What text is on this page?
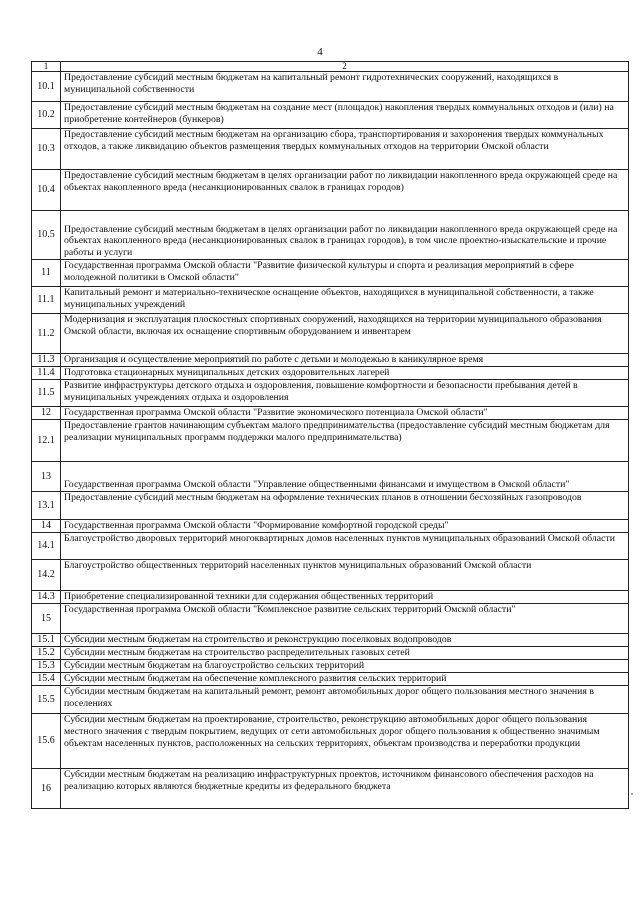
4
1	2
10.1	Предоставление субсидий местным бюджетам на капитальный ремонт гидротехнических сооружений, находящихся в муниципальной собственности
10.2	Предоставление субсидий местным бюджетам на создание мест (площадок) накопления твердых коммунальных отходов и (или) на приобретение контейнеров (бункеров)
10.3	Предоставление субсидий местным бюджетам на организацию сбора, транспортирования и захоронения твердых коммунальных отходов, а также ликвидацию объектов размещения твердых коммунальных отходов на территории Омской области
10.4	Предоставление субсидий местным бюджетам в целях организации работ по ликвидации накопленного вреда окружающей среде на объектах накопленного вреда (несанкционированных свалок в границах городов)
10.5	Предоставление субсидий местным бюджетам в целях организации работ по ликвидации накопленного вреда окружающей среде на объектах накопленного вреда (несанкционированных свалок в границах городов), в том числе проектно-изыскательские и прочие работы и услуги
11	Государственная программа Омской области "Развитие физической культуры и спорта и реализация мероприятий в сфере молодежной политики в Омской области"
11.1	Капитальный ремонт и материально-техническое оснащение объектов, находящихся в муниципальной собственности, а также муниципальных учреждений
11.2	Модернизация и эксплуатация плоскостных спортивных сооружений, находящихся на территории муниципального образования Омской области, включая их оснащение спортивным оборудованием и инвентарем
11.3	Организация и осуществление мероприятий по работе с детьми и молодежью в каникулярное время
11.4	Подготовка стационарных муниципальных детских оздоровительных лагерей
11.5	Развитие инфраструктуры детского отдыха и оздоровления, повышение комфортности и безопасности пребывания детей в муниципальных учреждениях отдыха и оздоровления
12	Государственная программа Омской области "Развитие экономического потенциала Омской области"
12.1	Предоставление грантов начинающим субъектам малого предпринимательства (предоставление субсидий местным бюджетам для реализации муниципальных программ поддержки малого предпринимательства)
13	Государственная программа Омской области "Управление общественными финансами и имуществом в Омской области"
13.1	Предоставление субсидий местным бюджетам на оформление технических планов в отношении бесхозяйных газопроводов
14	Государственная программа Омской области "Формирование комфортной городской среды"
14.1	Благоустройство дворовых территорий многоквартирных домов населенных пунктов муниципальных образований Омской области
14.2	Благоустройство общественных территорий населенных пунктов муниципальных образований Омской области
14.3	Приобретение специализированной техники для содержания общественных территорий
15	Государственная программа Омской области "Комплексное развитие сельских территорий Омской области"
15.1	Субсидии местным бюджетам на строительство и реконструкцию поселковых водопроводов
15.2	Субсидии местным бюджетам на строительство распределительных газовых сетей
15.3	Субсидии местным бюджетам на благоустройство сельских территорий
15.4	Субсидии местным бюджетам на обеспечение комплексного развития сельских территорий
15.5	Субсидии местным бюджетам на капитальный ремонт, ремонт автомобильных дорог общего пользования местного значения в поселениях
15.6	Субсидии местным бюджетам на проектирование, строительство, реконструкцию автомобильных дорог общего пользования местного значения с твердым покрытием, ведущих от сети автомобильных дорог общего пользования к общественно значимым объектам населенных пунктов, расположенных на сельских территориях, объектам производства и переработки продукции
16	Субсидии местным бюджетам на реализацию инфраструктурных проектов, источником финансового обеспечения расходов на реализацию которых являются бюджетные кредиты из федерального бюджета
